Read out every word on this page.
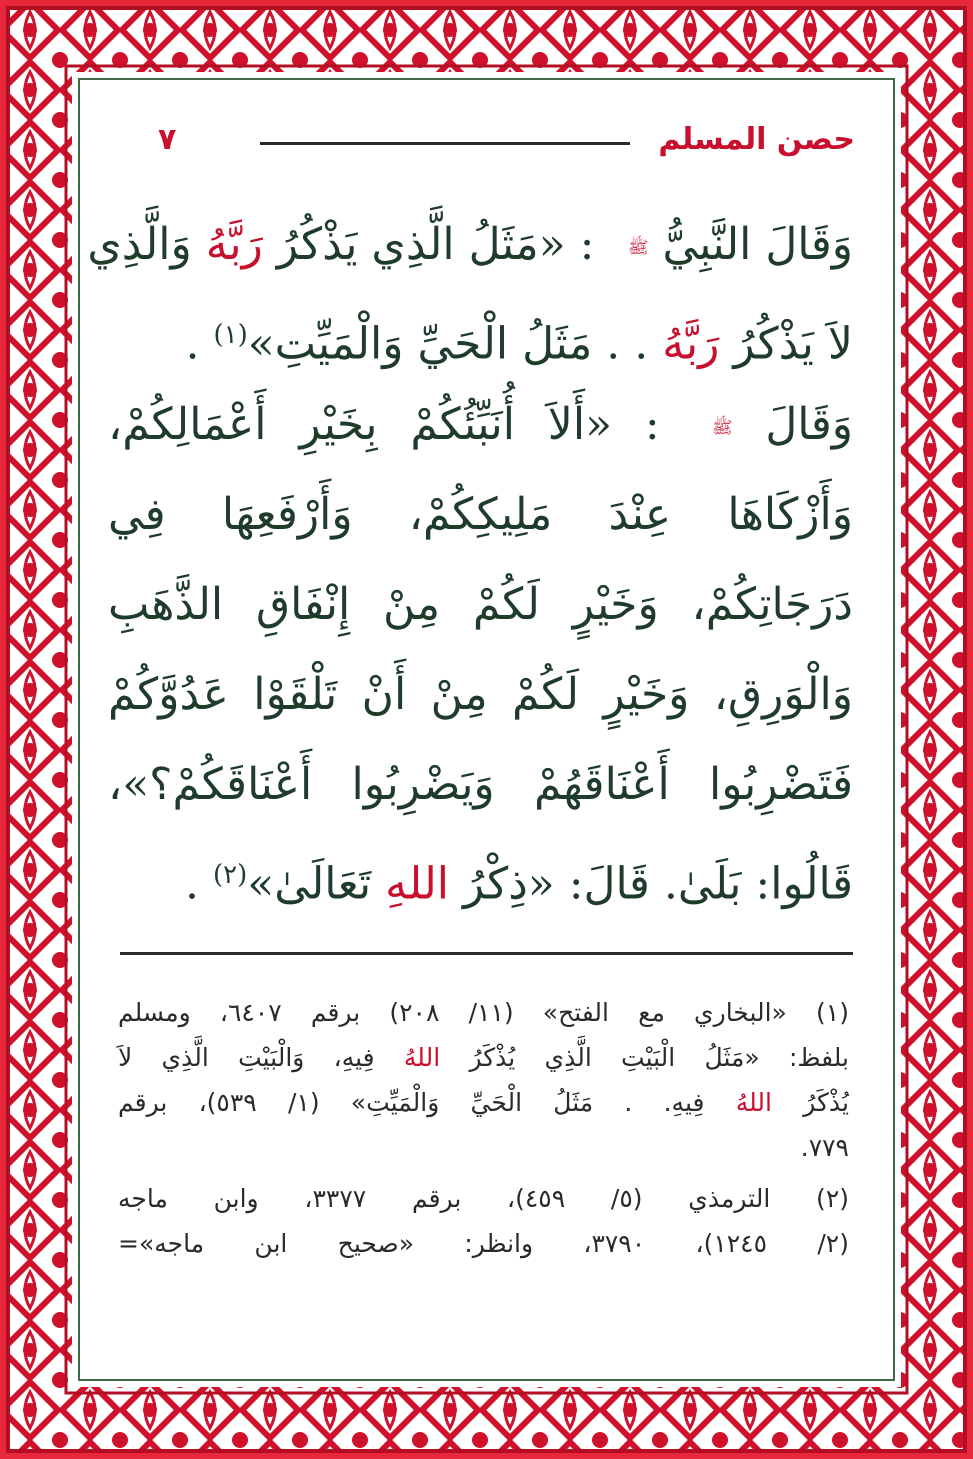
حصن المسلم
٧
وَقَالَ النَّبِيُّ ﷺ : «مَثَلُ الَّذِي يَذْكُرُ رَبَّهُ وَالَّذِي
لاَ يَذْكُرُ رَبَّهُ . . مَثَلُ الْحَيِّ وَالْمَيِّتِ»$^{(١)}$ .
وَقَالَ ﷺ : «أَلاَ أُنَبِّئُكُمْ بِخَيْرِ أَعْمَالِكُمْ،
وَأَزْكَاهَا عِنْدَ مَلِيكِكُمْ، وَأَرْفَعِهَا فِي
دَرَجَاتِكُمْ، وَخَيْرٍ لَكُمْ مِنْ إِنْفَاقِ الذَّهَبِ
وَالْوَرِقِ، وَخَيْرٍ لَكُمْ مِنْ أَنْ تَلْقَوْا عَدُوَّكُمْ
فَتَضْرِبُوا أَعْنَاقَهُمْ وَيَضْرِبُوا أَعْنَاقَكُمْ؟»،
قَالُوا: بَلَىٰ. قَالَ: «ذِكْرُ اللهِ تَعَالَىٰ»$^{(٢)}$ .
(١) «البخاري مع الفتح» (١١/ ٢٠٨) برقم ٦٤٠٧، ومسلم
بلفظ: «مَثَلُ الْبَيْتِ الَّذِي يُذْكَرُ اللهُ فِيهِ، وَالْبَيْتِ الَّذِي لاَ
يُذْكَرُ اللهُ فِيهِ. . مَثَلُ الْحَيِّ وَالْمَيِّتِ» (١/ ٥٣٩)، برقم
٧٧٩.
(٢) الترمذي (٥/ ٤٥٩)، برقم ٣٣٧٧، وابن ماجه
(٢/ ١٢٤٥)، ٣٧٩٠، وانظر: «صحيح ابن ماجه»=
